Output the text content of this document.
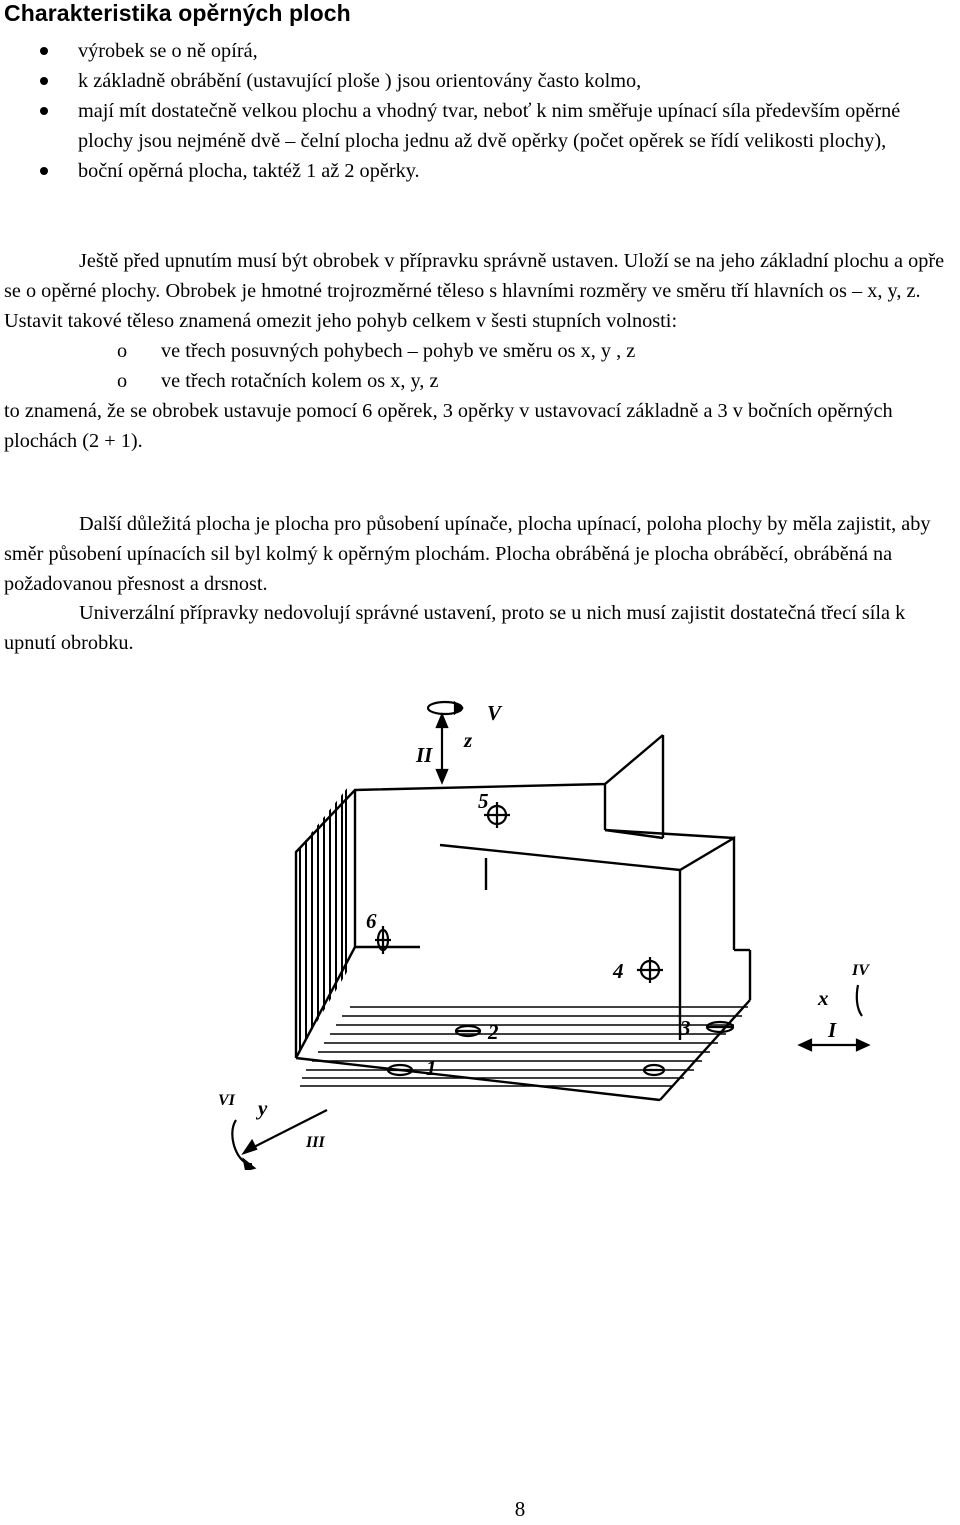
Charakteristika opěrných ploch
výrobek se o ně opírá,
k základně obrábění (ustavující ploše ) jsou orientovány často kolmo,
mají mít dostatečně velkou plochu a vhodný tvar, neboť k nim směřuje upínací síla především opěrné plochy jsou nejméně dvě – čelní plocha jednu až dvě opěrky (počet opěrek se řídí velikosti plochy),
boční opěrná plocha, taktéž 1 až 2 opěrky.
Ještě před upnutím musí být obrobek v přípravku správně ustaven. Uloží se na jeho základní plochu a opře se o opěrné plochy. Obrobek je hmotné trojrozměrné těleso s hlavními rozměry ve směru tří hlavních os – x, y, z. Ustavit takové těleso znamená omezit jeho pohyb celkem v šesti stupních volnosti:
o ve třech posuvných pohybech – pohyb ve směru os x, y , z
o ve třech rotačních kolem os x, y, z
to znamená, že se obrobek ustavuje pomocí 6 opěrek, 3 opěrky v ustavovací základně a 3 v bočních opěrných plochách (2 + 1).
Další důležitá plocha je plocha pro působení upínače, plocha upínací, poloha plochy by měla zajistit, aby směr působení upínacích sil byl kolmý k opěrným plochám. Plocha obráběná je plocha obráběcí, obráběná na požadovanou přesnost a drsnost.
Univerzální přípravky nedovolují správné ustavení, proto se u nich musí zajistit dostatečná třecí síla k upnutí obrobku.
z
V
II
5
6
4
2	3
1
VI y
III
IV
x
I
8
